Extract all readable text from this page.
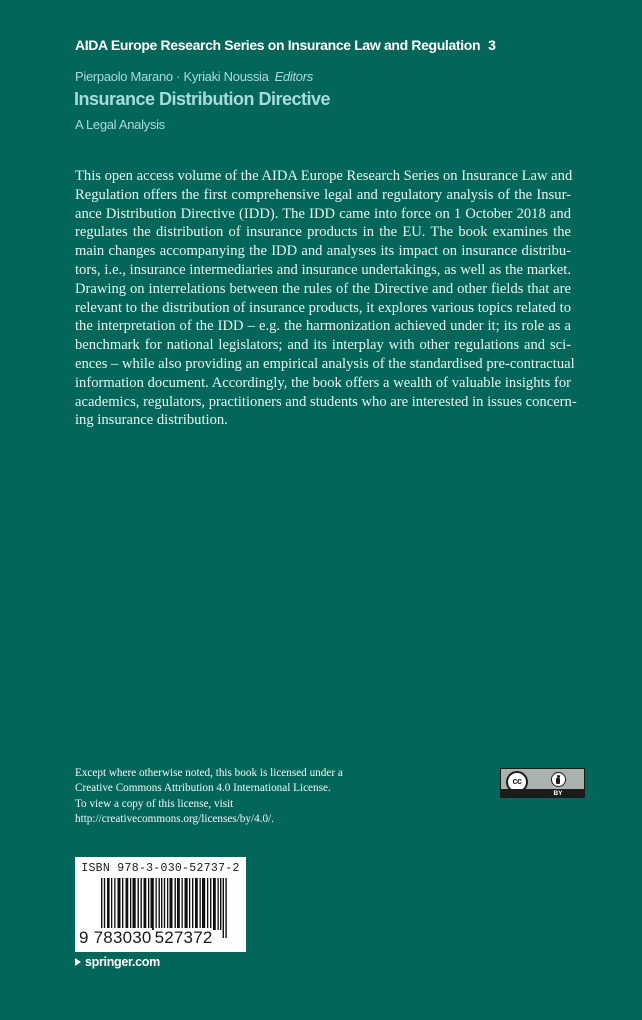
AIDA Europe Research Series on Insurance Law and Regulation 3
Pierpaolo Marano · Kyriaki Noussia Editors
Insurance Distribution Directive
A Legal Analysis
This open access volume of the AIDA Europe Research Series on Insurance Law and
Regulation offers the first comprehensive legal and regulatory analysis of the Insur-
ance Distribution Directive (IDD). The IDD came into force on 1 October 2018 and
regulates the distribution of insurance products in the EU. The book examines the
main changes accompanying the IDD and analyses its impact on insurance distribu-
tors, i.e., insurance intermediaries and insurance undertakings, as well as the market.
Drawing on interrelations between the rules of the Directive and other fields that are
relevant to the distribution of insurance products, it explores various topics related to
the interpretation of the IDD – e.g. the harmonization achieved under it; its role as a
benchmark for national legislators; and its interplay with other regulations and sci-
ences – while also providing an empirical analysis of the standardised pre-contractual
information document. Accordingly, the book offers a wealth of valuable insights for
academics, regulators, practitioners and students who are interested in issues concern-
ing insurance distribution.
Except where otherwise noted, this book is licensed under a
Creative Commons Attribution 4.0 International License.
To view a copy of this license, visit
http://creativecommons.org/licenses/by/4.0/.
cc
BY
ISBN 978-3-030-52737-2
9 783030 527372
springer.com
